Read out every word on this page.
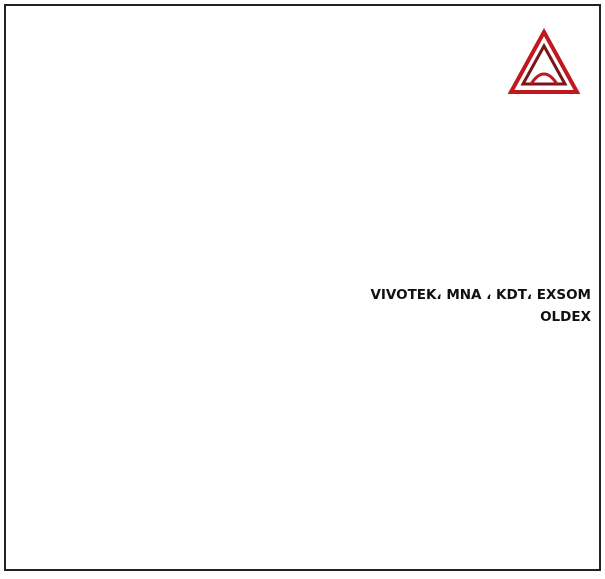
VIVOTEK، MNA ، KDT، EXSOM
OLDEX
